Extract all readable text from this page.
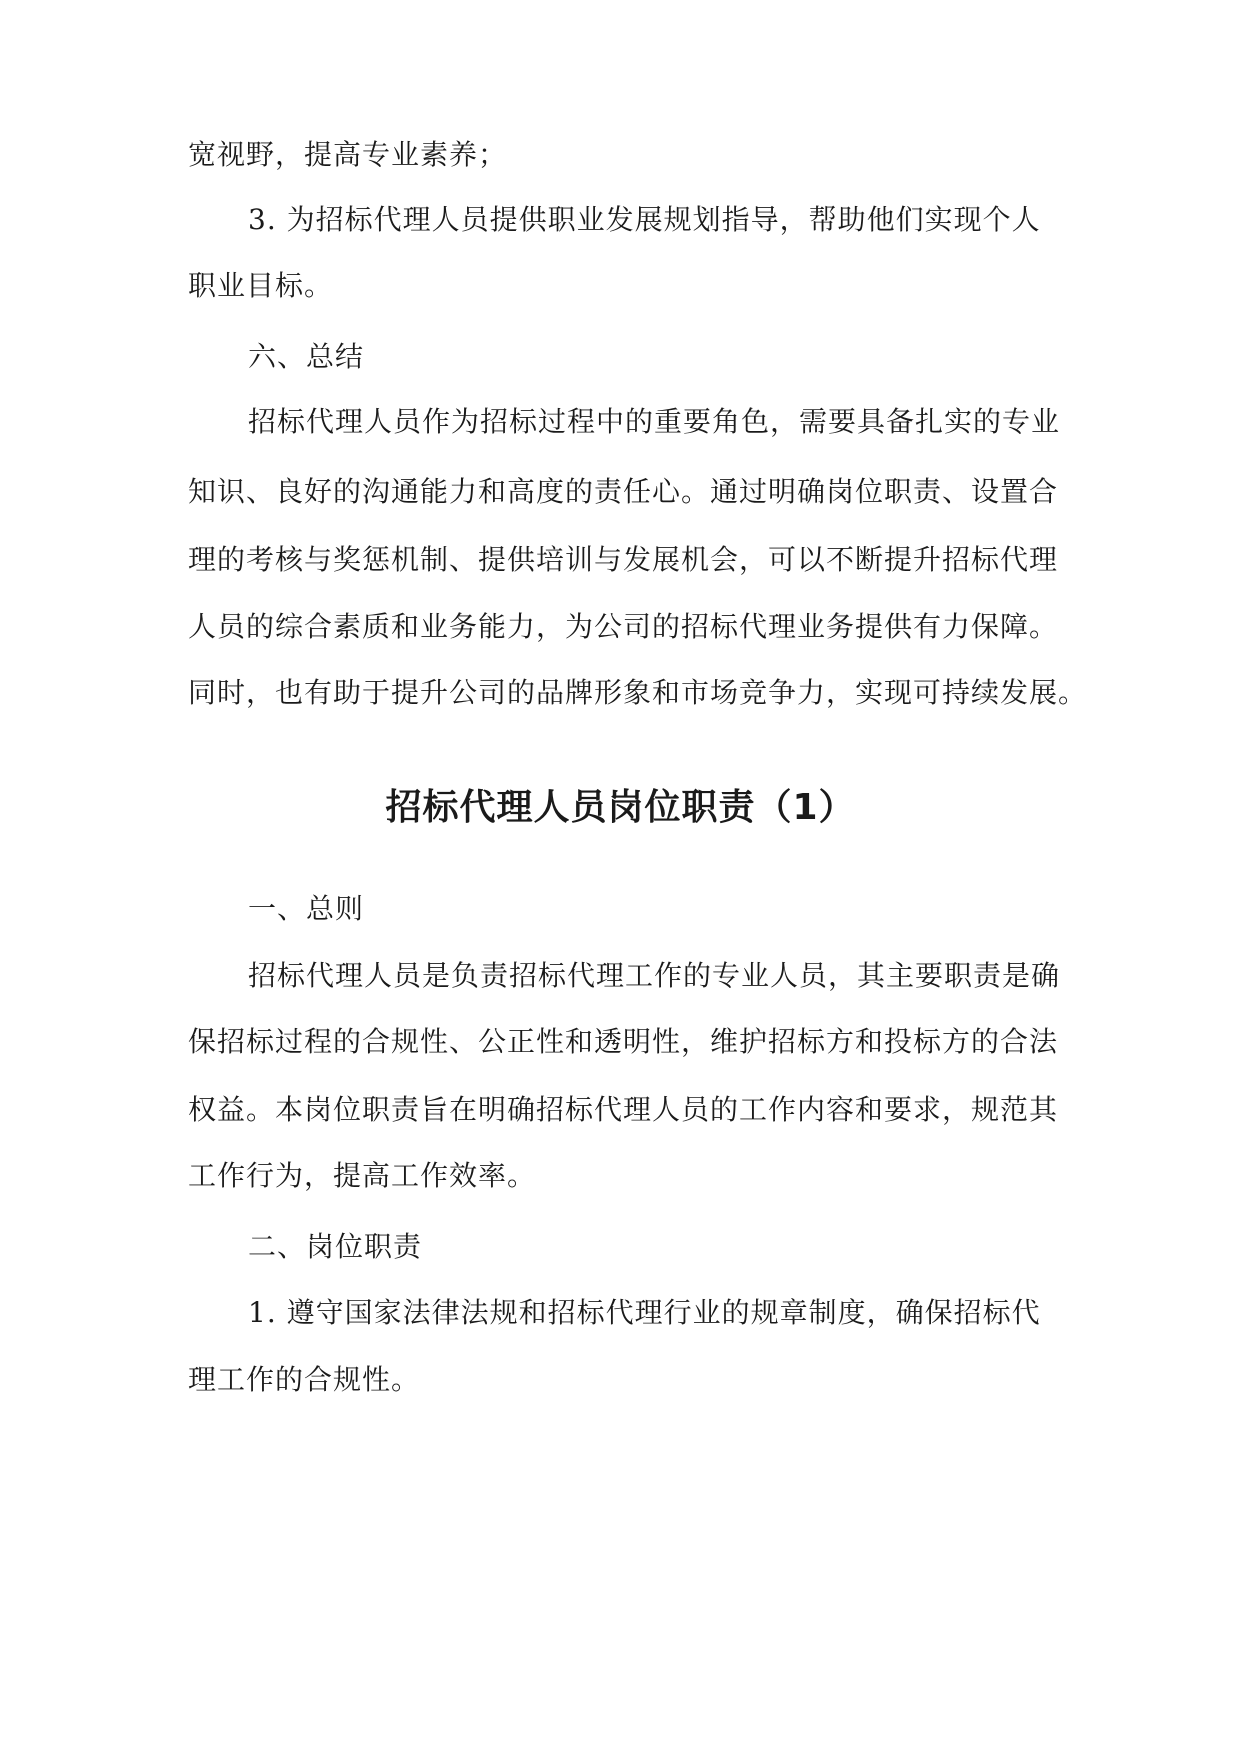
宽视野，提高专业素养；
3. 为招标代理人员提供职业发展规划指导，帮助他们实现个人
职业目标。
六、总结
招标代理人员作为招标过程中的重要角色，需要具备扎实的专业
知识、良好的沟通能力和高度的责任心。通过明确岗位职责、设置合
理的考核与奖惩机制、提供培训与发展机会，可以不断提升招标代理
人员的综合素质和业务能力，为公司的招标代理业务提供有力保障。
同时，也有助于提升公司的品牌形象和市场竞争力，实现可持续发展。
招标代理人员岗位职责（1）
一、总则
招标代理人员是负责招标代理工作的专业人员，其主要职责是确
保招标过程的合规性、公正性和透明性，维护招标方和投标方的合法
权益。本岗位职责旨在明确招标代理人员的工作内容和要求，规范其
工作行为，提高工作效率。
二、岗位职责
1. 遵守国家法律法规和招标代理行业的规章制度，确保招标代
理工作的合规性。
